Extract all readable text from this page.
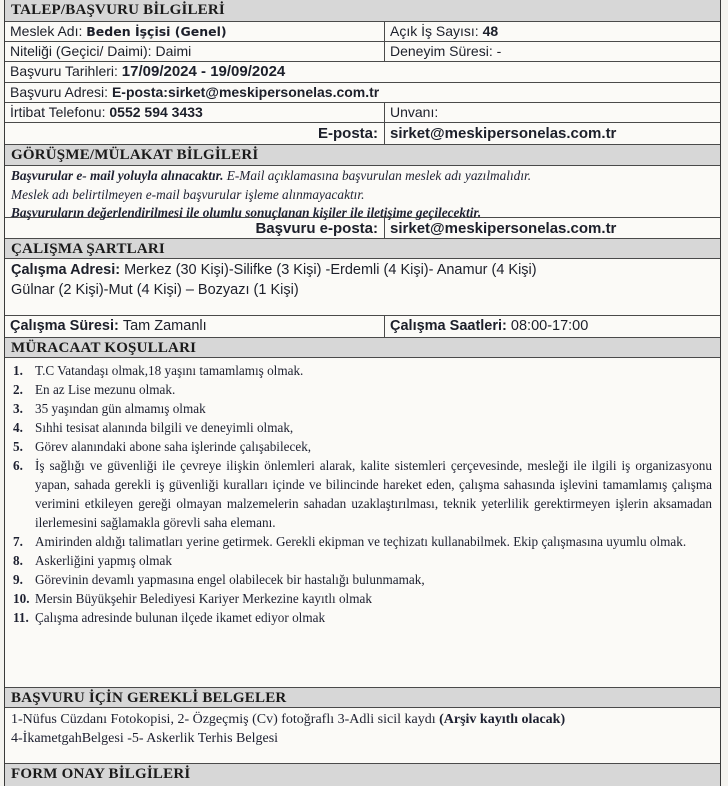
TALEP/BAŞVURU BİLGİLERİ
Meslek Adı: Beden İşçisi (Genel)	Açık İş Sayısı: 48
Niteliği (Geçici/ Daimi): Daimi	Deneyim Süresi: -
Başvuru Tarihleri: 17/09/2024 - 19/09/2024
Başvuru Adresi: E-posta:sirket@meskipersonelas.com.tr
İrtibat Telefonu: 0552 594 3433	Unvanı:
E-posta: sirket@meskipersonelas.com.tr
GÖRÜŞME/MÜLAKAT BİLGİLERİ
Başvurular e- mail yoluyla alınacaktır. E-Mail açıklamasına başvurulan meslek adı yazılmalıdır.
Meslek adı belirtilmeyen e-mail başvurular işleme alınmayacaktır.
Başvuruların değerlendirilmesi ile olumlu sonuçlanan kişiler ile iletişime geçilecektir.
Başvuru e-posta: sirket@meskipersonelas.com.tr
ÇALIŞMA ŞARTLARI
Çalışma Adresi: Merkez (30 Kişi)-Silifke (3 Kişi) -Erdemli (4 Kişi)- Anamur (4 Kişi)
Gülnar (2 Kişi)-Mut (4 Kişi) – Bozyazı (1 Kişi)
Çalışma Süresi: Tam Zamanlı	Çalışma Saatleri: 08:00-17:00
MÜRACAAT KOŞULLARI
1. T.C Vatandaşı olmak,18 yaşını tamamlamış olmak.
2. En az Lise mezunu olmak.
3. 35 yaşından gün almamış olmak
4. Sıhhi tesisat alanında bilgili ve deneyimli olmak,
5. Görev alanındaki abone saha işlerinde çalışabilecek,
6. İş sağlığı ve güvenliği ile çevreye ilişkin önlemleri alarak, kalite sistemleri çerçevesinde, mesleği ile ilgili iş organizasyonu yapan, sahada gerekli iş güvenliği kuralları içinde ve bilincinde hareket eden, çalışma sahasında işlevini tamamlamış çalışma verimini etkileyen gereği olmayan malzemelerin sahadan uzaklaştırılması, teknik yeterlilik gerektirmeyen işlerin aksamadan ilerlemesini sağlamakla görevli saha elemanı.
7. Amirinden aldığı talimatları yerine getirmek. Gerekli ekipman ve teçhizatı kullanabilmek. Ekip çalışmasına uyumlu olmak.
8. Askerliğini yapmış olmak
9. Görevinin devamlı yapmasına engel olabilecek bir hastalığı bulunmamak,
10. Mersin Büyükşehir Belediyesi Kariyer Merkezine kayıtlı olmak
11. Çalışma adresinde bulunan ilçede ikamet ediyor olmak
BAŞVURU İÇİN GEREKLİ BELGELER
1-Nüfus Cüzdanı Fotokopisi, 2- Özgeçmiş (Cv) fotoğraflı 3-Adli sicil kaydı (Arşiv kayıtlı olacak)
4-İkametgahBelgesi -5- Askerlik Terhis Belgesi
FORM ONAY BİLGİLERİ
